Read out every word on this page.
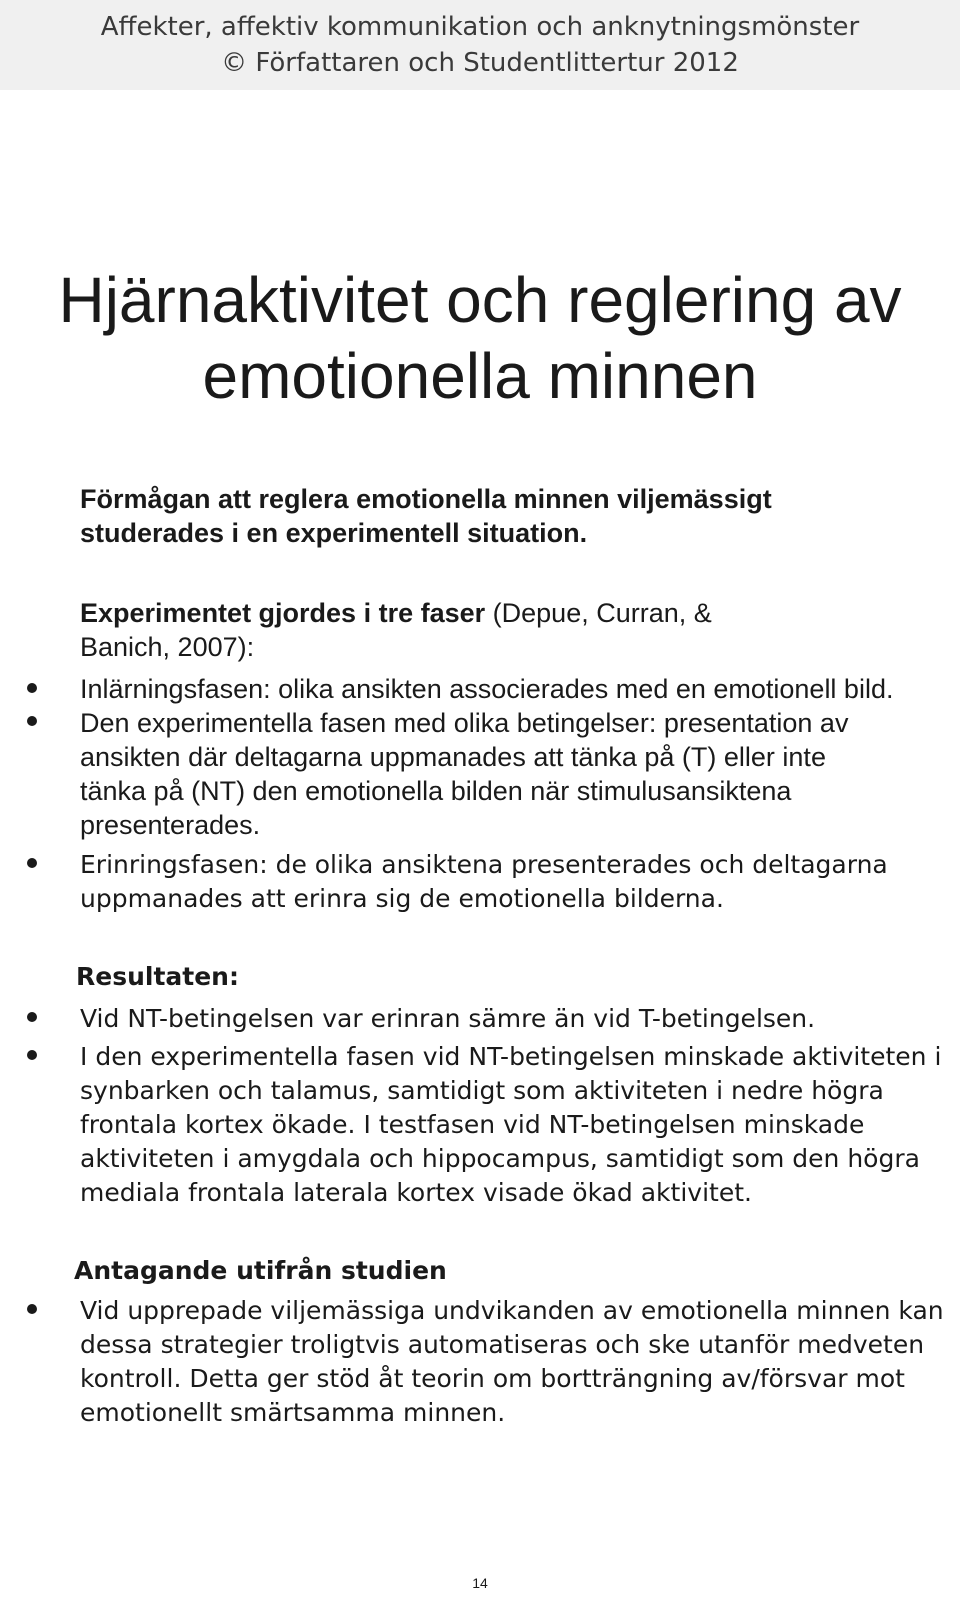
Affekter, affektiv kommunikation och anknytningsmönster
© Författaren och Studentlittertur 2012
Hjärnaktivitet och reglering av
emotionella minnen
Förmågan att reglera emotionella minnen viljemässigt
studerades i en experimentell situation.
Experimentet gjordes i tre faser (Depue, Curran, &
Banich, 2007):
Inlärningsfasen: olika ansikten associerades med en emotionell bild.
Den experimentella fasen med olika betingelser: presentation av
ansikten där deltagarna uppmanades att tänka på (T) eller inte
tänka på (NT) den emotionella bilden när stimulusansiktena
presenterades.
Erinringsfasen: de olika ansiktena presenterades och deltagarna
uppmanades att erinra sig de emotionella bilderna.
Resultaten:
Vid NT-betingelsen var erinran sämre än vid T-betingelsen.
I den experimentella fasen vid NT-betingelsen minskade aktiviteten i
synbarken och talamus, samtidigt som aktiviteten i nedre högra
frontala kortex ökade. I testfasen vid NT-betingelsen minskade
aktiviteten i amygdala och hippocampus, samtidigt som den högra
mediala frontala laterala kortex visade ökad aktivitet.
Antagande utifrån studien
Vid upprepade viljemässiga undvikanden av emotionella minnen kan
dessa strategier troligtvis automatiseras och ske utanför medveten
kontroll. Detta ger stöd åt teorin om bortträngning av/försvar mot
emotionellt smärtsamma minnen.
14
